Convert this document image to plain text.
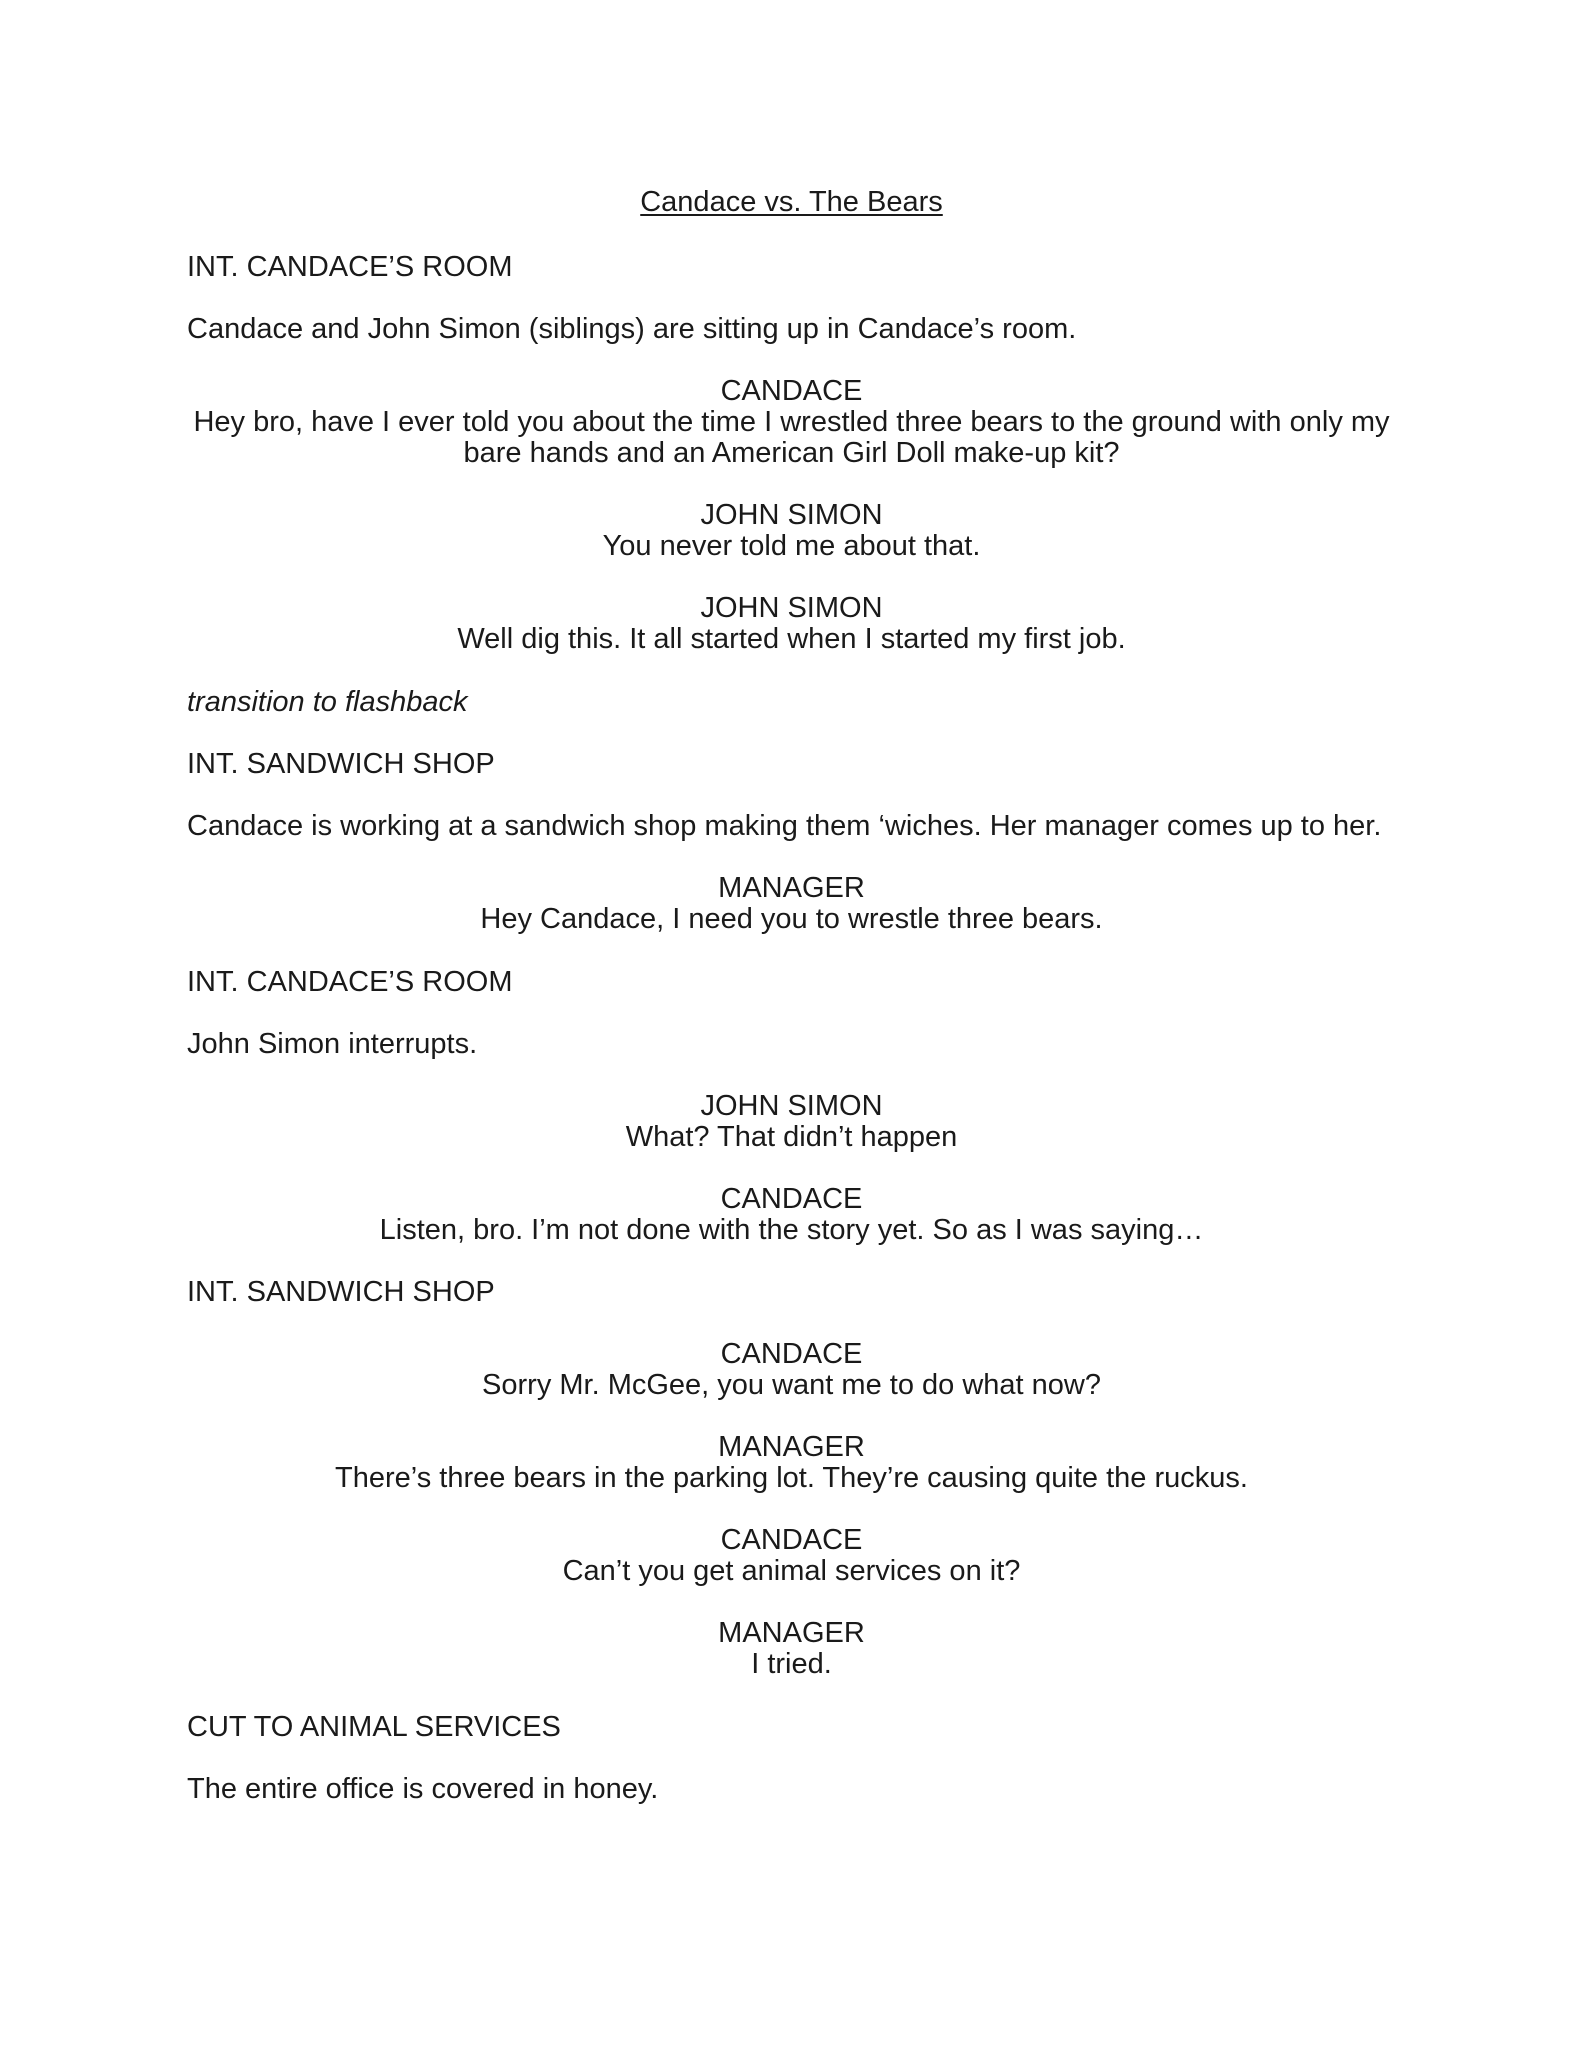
Candace vs. The Bears

INT. CANDACE’S ROOM

Candace and John Simon (siblings) are sitting up in Candace’s room.

CANDACE

Hey bro, have I ever told you about the time I wrestled three bears to the ground with only my

bare hands and an American Girl Doll make-up kit?

JOHN SIMON

You never told me about that.

JOHN SIMON

Well dig this. It all started when I started my first job.

transition to flashback

INT. SANDWICH SHOP

Candace is working at a sandwich shop making them ‘wiches. Her manager comes up to her.

MANAGER

Hey Candace, I need you to wrestle three bears.

INT. CANDACE’S ROOM

John Simon interrupts.

JOHN SIMON

What? That didn’t happen

CANDACE

Listen, bro. I’m not done with the story yet. So as I was saying…

INT. SANDWICH SHOP

CANDACE

Sorry Mr. McGee, you want me to do what now?

MANAGER

There’s three bears in the parking lot. They’re causing quite the ruckus.

CANDACE

Can’t you get animal services on it?

MANAGER

I tried.

CUT TO ANIMAL SERVICES

The entire office is covered in honey.
